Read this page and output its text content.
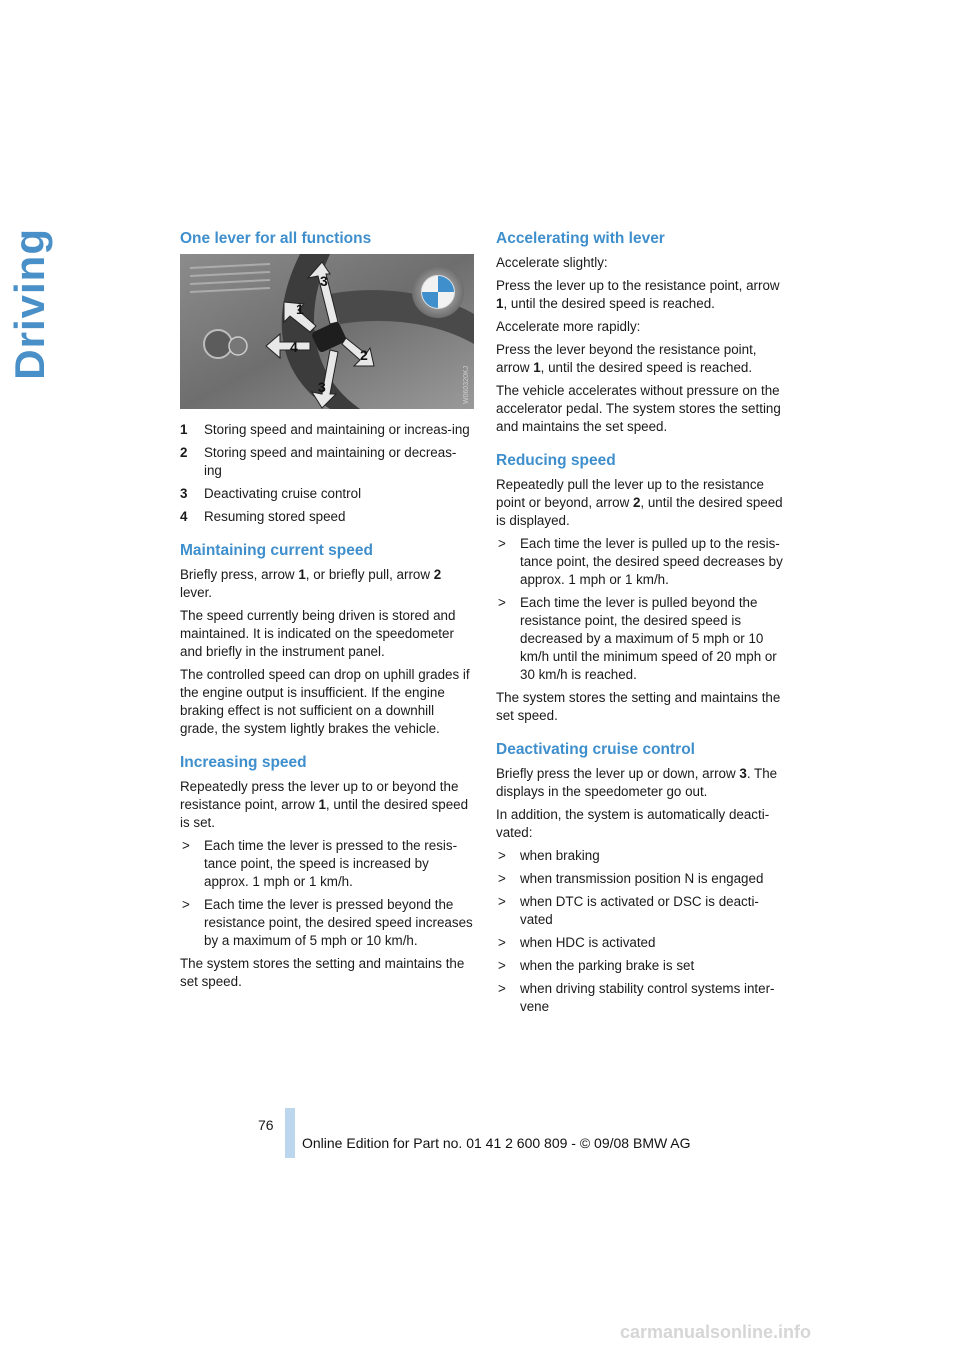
Driving	One lever for all functions
1
2
3
3
4
W060320KJ
1	Storing speed and maintaining or increas-ing
2	Storing speed and maintaining or decreas-ing
3	Deactivating cruise control
4	Resuming stored speed
Maintaining current speed

Briefly press, arrow 1, or briefly pull, arrow 2 lever.

The speed currently being driven is stored and maintained. It is indicated on the speedometer and briefly in the instrument panel.

The controlled speed can drop on uphill grades if the engine output is insufficient. If the engine braking effect is not sufficient on a downhill grade, the system lightly brakes the vehicle.

Increasing speed

Repeatedly press the lever up to or beyond the resistance point, arrow 1, until the desired speed is set.

>	Each time the lever is pressed to the resis-tance point, the speed is increased by approx. 1 mph or 1 km/h.
>	Each time the lever is pressed beyond the resistance point, the desired speed increases by a maximum of 5 mph or 10 km/h.

The system stores the setting and maintains the set speed.

Accelerating with lever

Accelerate slightly:

Press the lever up to the resistance point, arrow 1, until the desired speed is reached.

Accelerate more rapidly:

Press the lever beyond the resistance point, arrow 1, until the desired speed is reached.

The vehicle accelerates without pressure on the accelerator pedal. The system stores the setting and maintains the set speed.

Reducing speed

Repeatedly pull the lever up to the resistance point or beyond, arrow 2, until the desired speed is displayed.

>	Each time the lever is pulled up to the resis-tance point, the desired speed decreases by approx. 1 mph or 1 km/h.
>	Each time the lever is pulled beyond the resistance point, the desired speed is decreased by a maximum of 5 mph or 10 km/h until the minimum speed of 20 mph or 30 km/h is reached.

The system stores the setting and maintains the set speed.

Deactivating cruise control

Briefly press the lever up or down, arrow 3. The displays in the speedometer go out.

In addition, the system is automatically deacti-vated:

>	when braking
>	when transmission position N is engaged
>	when DTC is activated or DSC is deacti-vated
>	when HDC is activated
>	when the parking brake is set
>	when driving stability control systems inter-vene
76
Online Edition for Part no. 01 41 2 600 809 - © 09/08 BMW AG
carmanualsonline.info
